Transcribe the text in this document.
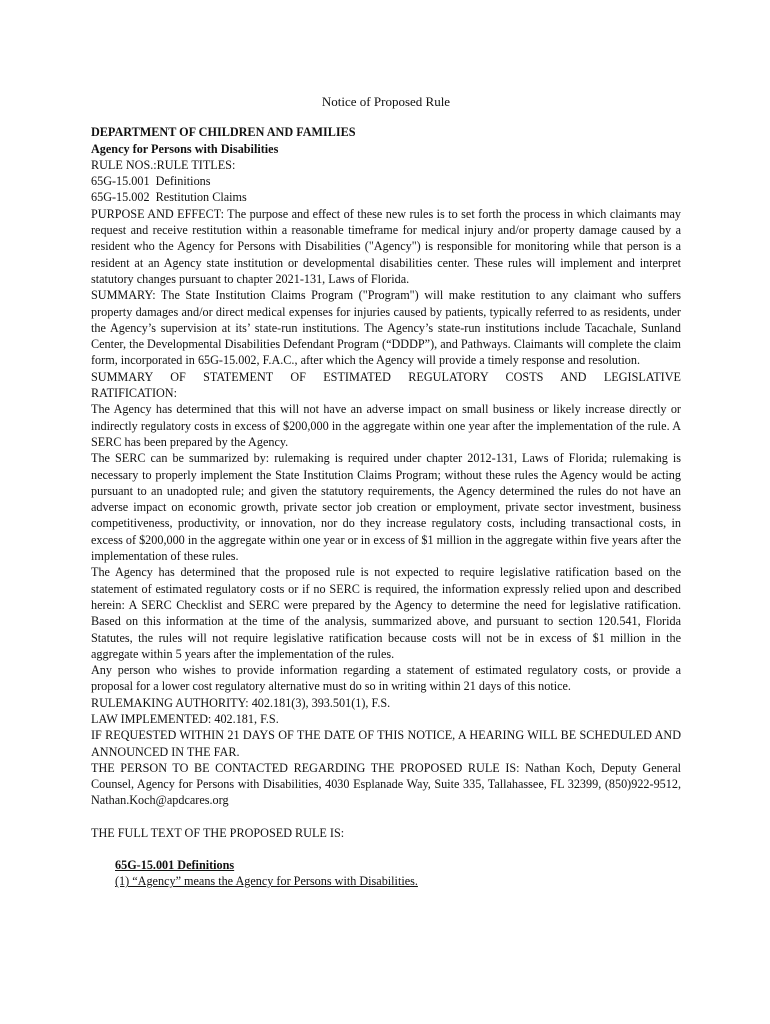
Notice of Proposed Rule

DEPARTMENT OF CHILDREN AND FAMILIES

Agency for Persons with Disabilities

RULE NOS.:RULE TITLES:

65G-15.001  Definitions

65G-15.002  Restitution Claims

PURPOSE AND EFFECT: The purpose and effect of these new rules is to set forth the process in which claimants may request and receive restitution within a reasonable timeframe for medical injury and/or property damage caused by a resident who the Agency for Persons with Disabilities ("Agency") is responsible for monitoring while that person is a resident at an Agency state institution or developmental disabilities center. These rules will implement and interpret statutory changes pursuant to chapter 2021-131, Laws of Florida.

SUMMARY: The State Institution Claims Program ("Program") will make restitution to any claimant who suffers property damages and/or direct medical expenses for injuries caused by patients, typically referred to as residents, under the Agency’s supervision at its’ state-run institutions. The Agency’s state-run institutions include Tacachale, Sunland Center, the Developmental Disabilities Defendant Program (“DDDP”), and Pathways. Claimants will complete the claim form, incorporated in 65G-15.002, F.A.C., after which the Agency will provide a timely response and resolution.

SUMMARY OF STATEMENT OF ESTIMATED REGULATORY COSTS AND LEGISLATIVE

RATIFICATION:

The Agency has determined that this will not have an adverse impact on small business or likely increase directly or indirectly regulatory costs in excess of $200,000 in the aggregate within one year after the implementation of the rule. A SERC has been prepared by the Agency.

The SERC can be summarized by: rulemaking is required under chapter 2012-131, Laws of Florida; rulemaking is necessary to properly implement the State Institution Claims Program; without these rules the Agency would be acting pursuant to an unadopted rule; and given the statutory requirements, the Agency determined the rules do not have an adverse impact on economic growth, private sector job creation or employment, private sector investment, business competitiveness, productivity, or innovation, nor do they increase regulatory costs, including transactional costs, in excess of $200,000 in the aggregate within one year or in excess of $1 million in the aggregate within five years after the implementation of these rules.

The Agency has determined that the proposed rule is not expected to require legislative ratification based on the statement of estimated regulatory costs or if no SERC is required, the information expressly relied upon and described herein: A SERC Checklist and SERC were prepared by the Agency to determine the need for legislative ratification. Based on this information at the time of the analysis, summarized above, and pursuant to section 120.541, Florida Statutes, the rules will not require legislative ratification because costs will not be in excess of $1 million in the aggregate within 5 years after the implementation of the rules.

Any person who wishes to provide information regarding a statement of estimated regulatory costs, or provide a proposal for a lower cost regulatory alternative must do so in writing within 21 days of this notice.

RULEMAKING AUTHORITY: 402.181(3), 393.501(1), F.S.

LAW IMPLEMENTED: 402.181, F.S.

IF REQUESTED WITHIN 21 DAYS OF THE DATE OF THIS NOTICE, A HEARING WILL BE SCHEDULED AND ANNOUNCED IN THE FAR.

THE PERSON TO BE CONTACTED REGARDING THE PROPOSED RULE IS: Nathan Koch, Deputy General Counsel, Agency for Persons with Disabilities, 4030 Esplanade Way, Suite 335, Tallahassee, FL 32399, (850)922-9512, Nathan.Koch@apdcares.org

THE FULL TEXT OF THE PROPOSED RULE IS:

65G-15.001 Definitions

(1) “Agency” means the Agency for Persons with Disabilities.
